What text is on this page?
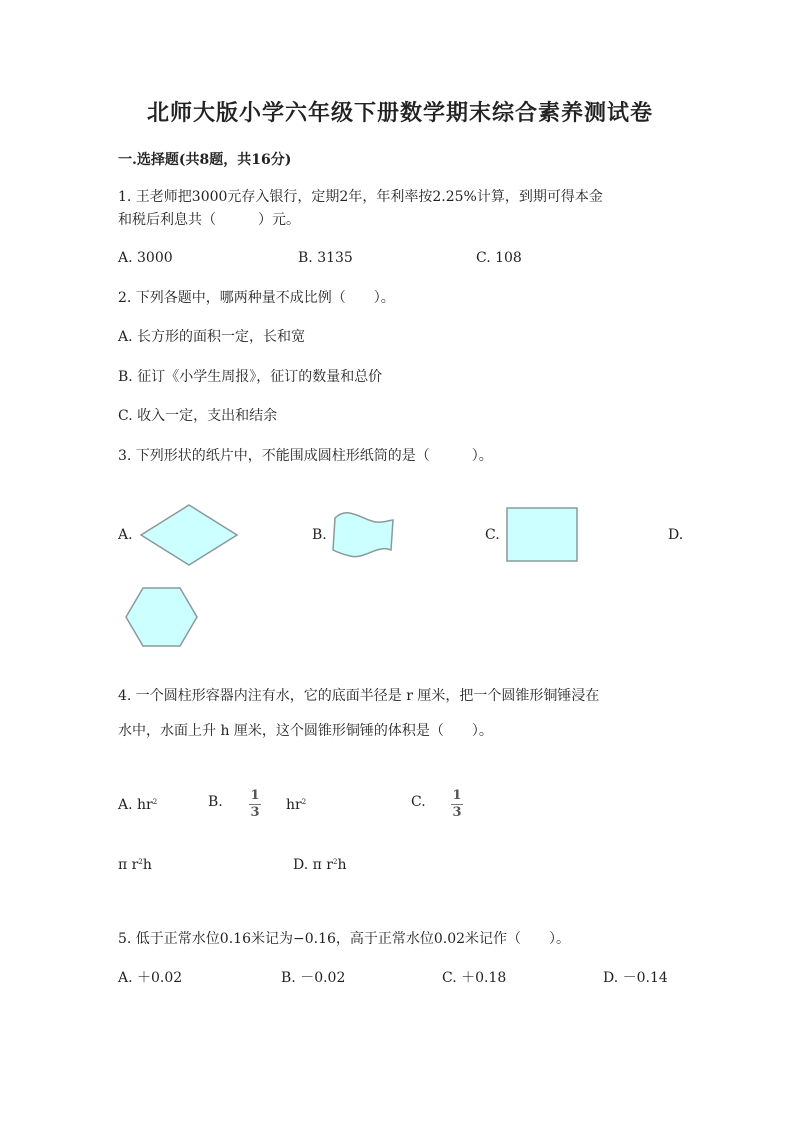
北师大版小学六年级下册数学期末综合素养测试卷
一.选择题(共8题，共16分)
1. 王老师把3000元存入银行，定期2年，年利率按2.25%计算，到期可得本金
和税后利息共（　　　）元。
A. 3000	B. 3135	C. 108
2. 下列各题中，哪两种量不成比例（　　）。
A. 长方形的面积一定，长和宽
B. 征订《小学生周报》，征订的数量和总价
C. 收入一定，支出和结余
3. 下列形状的纸片中，不能围成圆柱形纸筒的是（　　　）。
A.	B.	C.	D.
4. 一个圆柱形容器内注有水，它的底面半径是 r 厘米，把一个圆锥形铜锤浸在
水中，水面上升 h 厘米，这个圆锥形铜锤的体积是（　　）。
A. $hr^2$	B. 1
3 $hr^2$	C. 1
3
π $r^2h$	D. π $r^2h$
5. 低于正常水位0.16米记为−0.16，高于正常水位0.02米记作（　　）。
A. ＋0.02	B. －0.02	C. ＋0.18	D. －0.14
